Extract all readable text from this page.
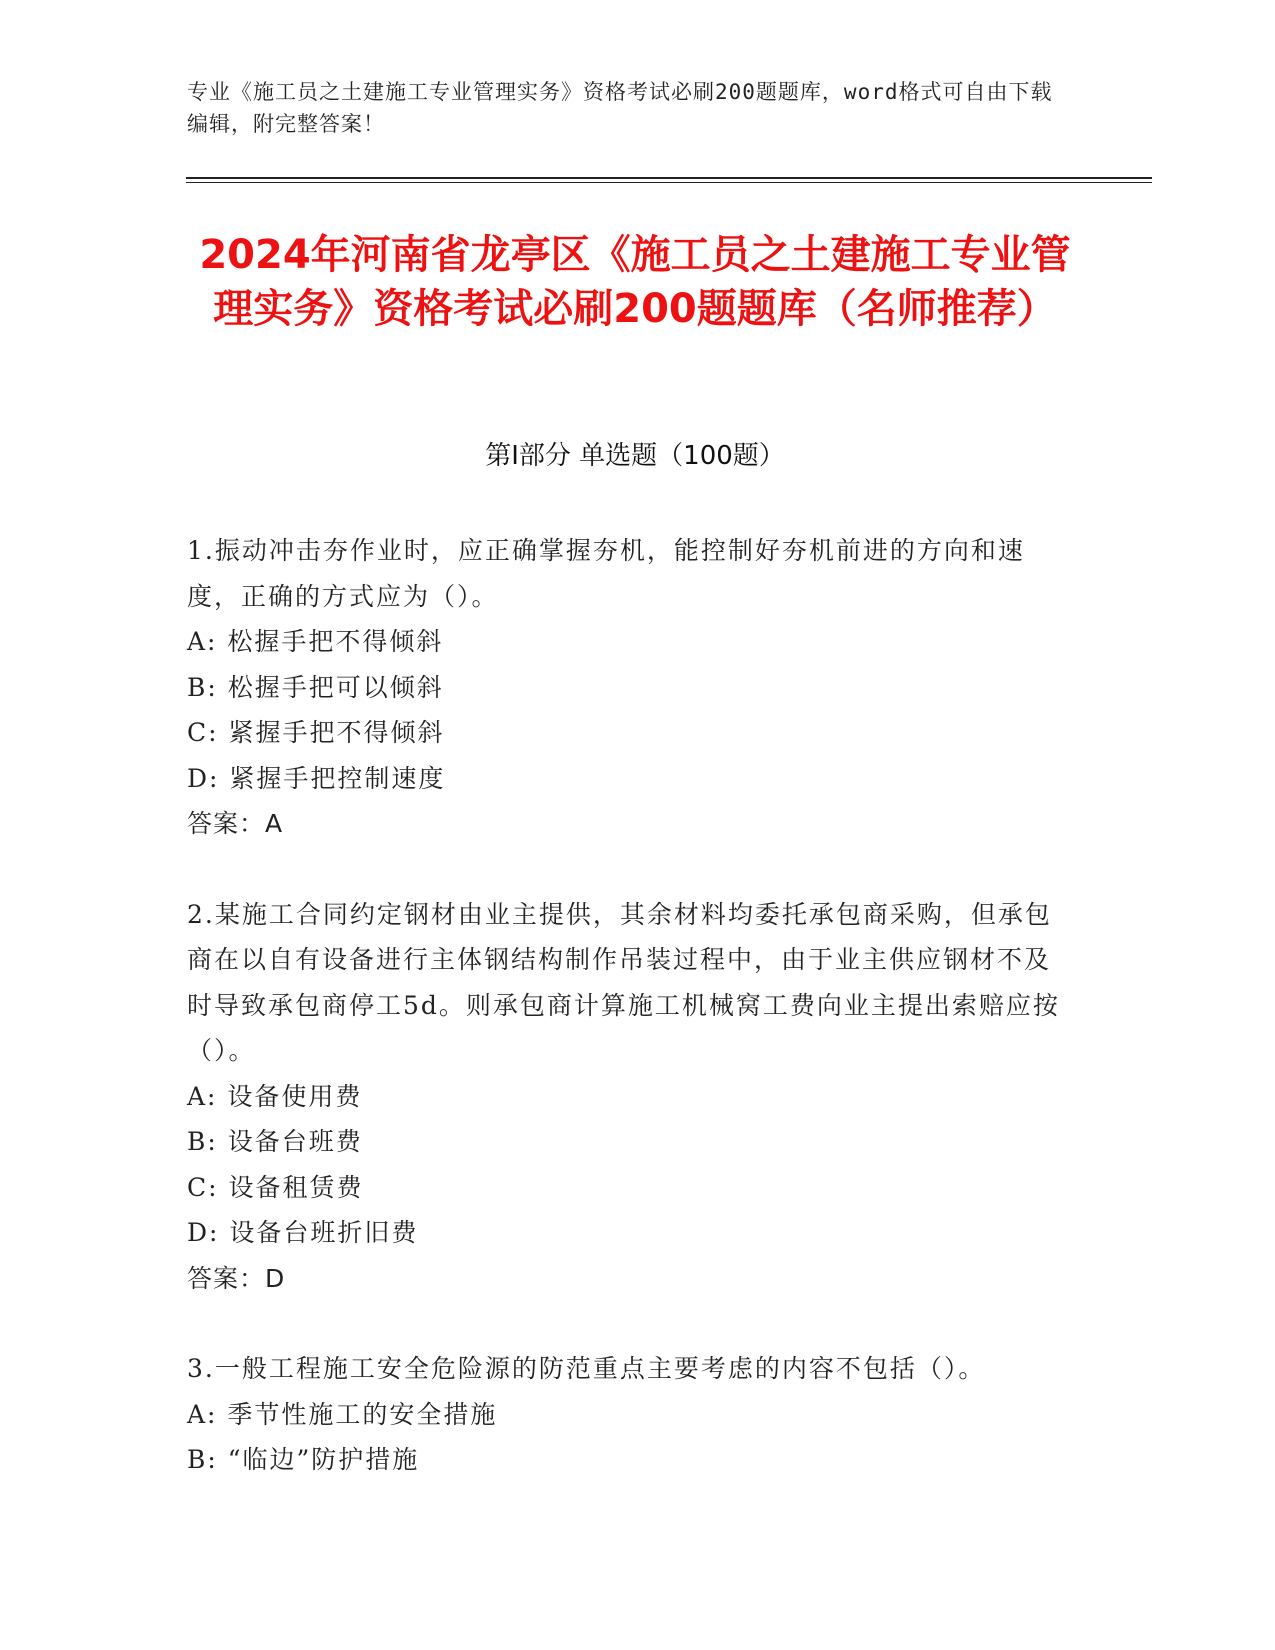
专业《施工员之土建施工专业管理实务》资格考试必刷200题题库，word格式可自由下载编辑，附完整答案！
2024年河南省龙亭区《施工员之土建施工专业管理实务》资格考试必刷200题题库（名师推荐）
第Ⅰ部分 单选题（100题）

1.振动冲击夯作业时，应正确掌握夯机，能控制好夯机前进的方向和速度，正确的方式应为（）。

A: 松握手把不得倾斜

B: 松握手把可以倾斜

C: 紧握手把不得倾斜

D: 紧握手把控制速度

答案：A

2.某施工合同约定钢材由业主提供，其余材料均委托承包商采购，但承包商在以自有设备进行主体钢结构制作吊装过程中，由于业主供应钢材不及时导致承包商停工5d。则承包商计算施工机械窝工费向业主提出索赔应按（）。

A: 设备使用费

B: 设备台班费

C: 设备租赁费

D: 设备台班折旧费

答案：D

3.一般工程施工安全危险源的防范重点主要考虑的内容不包括（）。

A: 季节性施工的安全措施

B: “临边”防护措施
